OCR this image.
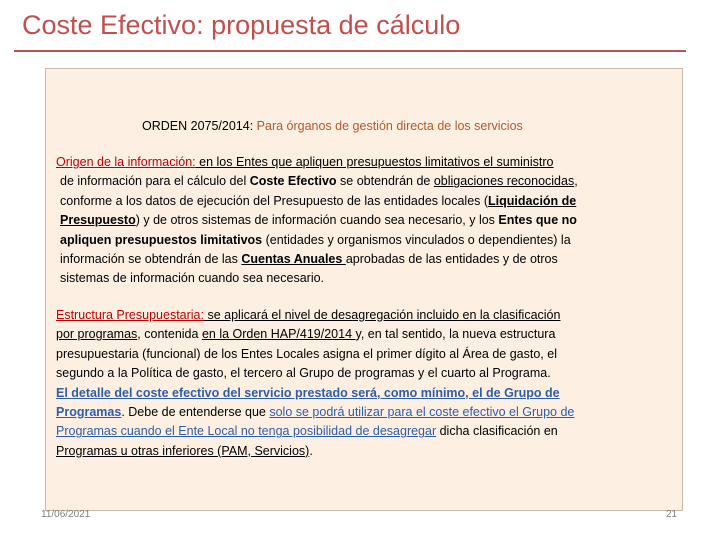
Coste Efectivo: propuesta de cálculo
ORDEN 2075/2014: Para órganos de gestión directa de los servicios
Origen de la información: en los Entes que apliquen presupuestos limitativos el suministro
de información para el cálculo del Coste Efectivo se obtendrán de obligaciones reconocidas,
conforme a los datos de ejecución del Presupuesto de las entidades locales (Liquidación de
Presupuesto) y de otros sistemas de información cuando sea necesario, y los Entes que no
apliquen presupuestos limitativos (entidades y organismos vinculados o dependientes) la
información se obtendrán de las Cuentas Anuales aprobadas de las entidades y de otros
sistemas de información cuando sea necesario.
Estructura Presupuestaria: se aplicará el nivel de desagregación incluido en la clasificación
por programas, contenida en la Orden HAP/419/2014 y, en tal sentido, la nueva estructura
presupuestaria (funcional) de los Entes Locales asigna el primer dígito al Área de gasto, el
segundo a la Política de gasto, el tercero al Grupo de programas y el cuarto al Programa.
El detalle del coste efectivo del servicio prestado será, como mínimo, el de Grupo de
Programas. Debe de entenderse que solo se podrá utilizar para el coste efectivo el Grupo de
Programas cuando el Ente Local no tenga posibilidad de desagregar dicha clasificación en
Programas u otras inferiores (PAM, Servicios).
11/06/2021	21
